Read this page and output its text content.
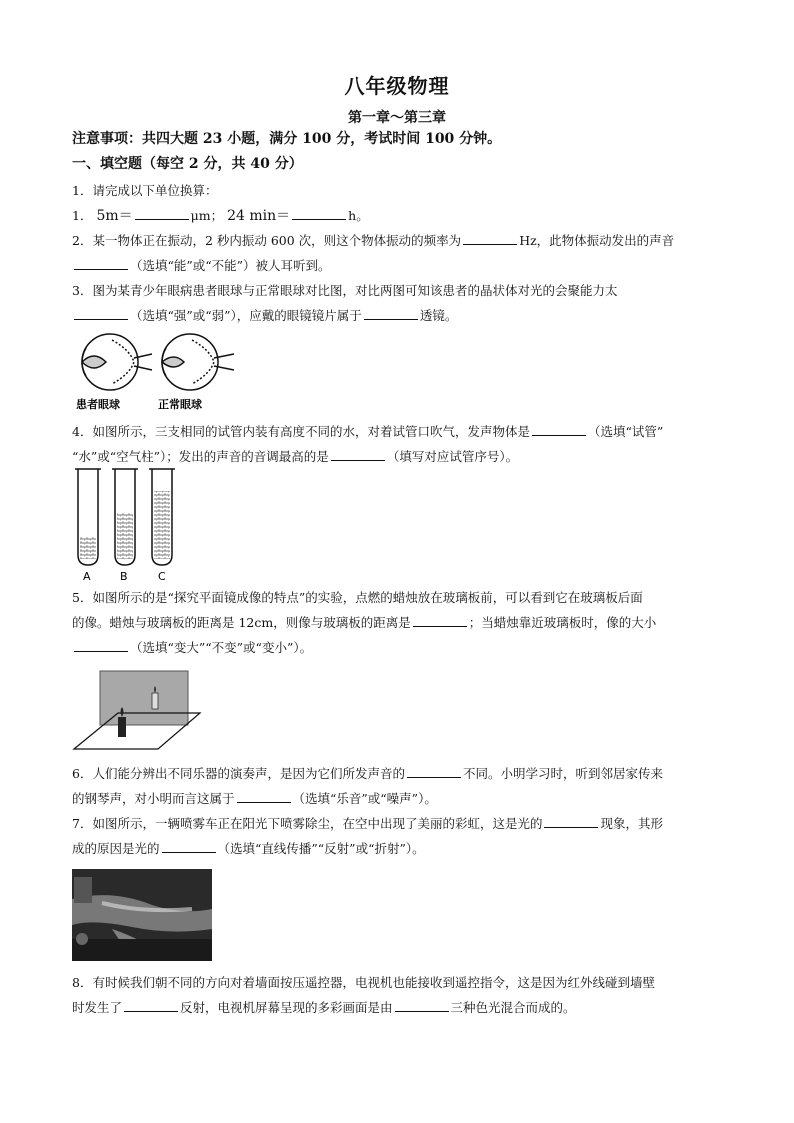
八年级物理
第一章～第三章
注意事项：共四大题 23 小题，满分 100 分，考试时间 100 分钟。
一、填空题（每空 2 分，共 40 分）
1．请完成以下单位换算：
1． 5m＝	μm； 24 min＝	h。
2．某一物体正在振动，2 秒内振动 600 次，则这个物体振动的频率为	Hz，此物体振动发出的声音
（选填“能”或“不能”）被人耳听到。
3．图为某青少年眼病患者眼球与正常眼球对比图，对比两图可知该患者的晶状体对光的会聚能力太
（选填“强”或“弱”），应戴的眼镜镜片属于	透镜。
患者眼球	正常眼球
4．如图所示，三支相同的试管内装有高度不同的水，对着试管口吹气，发声物体是	（选填“试管”
“水”或“空气柱”）；发出的声音的音调最高的是	（填写对应试管序号）。
A	B	C
5．如图所示的是“探究平面镜成像的特点”的实验，点燃的蜡烛放在玻璃板前，可以看到它在玻璃板后面
的像。蜡烛与玻璃板的距离是 12cm，则像与玻璃板的距离是	；当蜡烛靠近玻璃板时，像的大小
（选填“变大”“不变”或“变小”）。
6．人们能分辨出不同乐器的演奏声，是因为它们所发声音的	不同。小明学习时，听到邻居家传来
的钢琴声，对小明而言这属于	（选填“乐音”或“噪声”）。
7．如图所示，一辆喷雾车正在阳光下喷雾除尘，在空中出现了美丽的彩虹，这是光的	现象，其形
成的原因是光的	（选填“直线传播”“反射”或“折射”）。
8．有时候我们朝不同的方向对着墙面按压遥控器，电视机也能接收到遥控指令，这是因为红外线碰到墙壁
时发生了	反射，电视机屏幕呈现的多彩画面是由	三种色光混合而成的。
